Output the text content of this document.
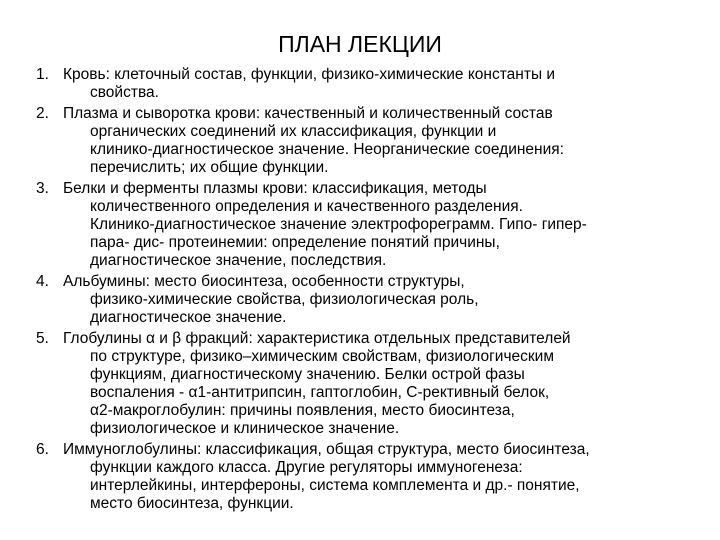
ПЛАН ЛЕКЦИИ
1. Кровь: клеточный состав, функции, физико-химические константы и
свойства.
2. Плазма и сыворотка крови: качественный и количественный состав
органических соединений их классификация, функции и
клинико-диагностическое значение. Неорганические соединения:
перечислить; их общие функции.
3. Белки и ферменты плазмы крови: классификация, методы
количественного определения и качественного разделения.
Клинико-диагностическое значение электрофореграмм. Гипо- гипер-
пара- дис- протеинемии: определение понятий причины,
диагностическое значение, последствия.
4. Альбумины: место биосинтеза, особенности структуры,
физико-химические свойства, физиологическая роль,
диагностическое значение.
5. Глобулины α и β фракций: характеристика отдельных представителей
по структуре, физико–химическим свойствам, физиологическим
функциям, диагностическому значению. Белки острой фазы
воспаления - α1-антитрипсин, гаптоглобин, С-рективный белок,
α2-макроглобулин: причины появления, место биосинтеза,
физиологическое и клиническое значение.
6. Иммуноглобулины: классификация, общая структура, место биосинтеза,
функции каждого класса. Другие регуляторы иммуногенеза:
интерлейкины, интерфероны, система комплемента и др.- понятие,
место биосинтеза, функции.
